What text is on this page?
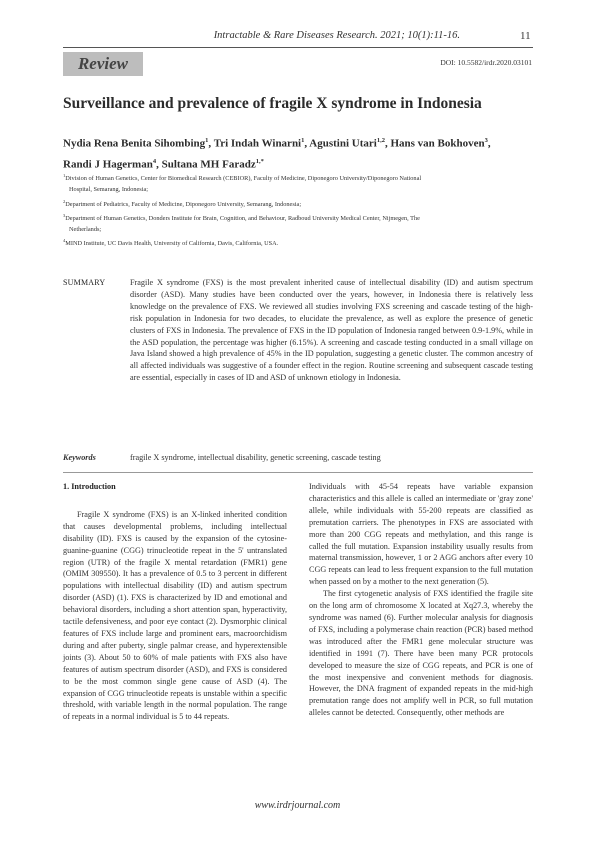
Intractable & Rare Diseases Research. 2021; 10(1):11-16.	11
Review	DOI: 10.5582/irdr.2020.03101
Surveillance and prevalence of fragile X syndrome in Indonesia
Nydia Rena Benita Sihombing$^1$, Tri Indah Winarni$^1$, Agustini Utari$^{1,2}$, Hans van Bokhoven$^3$,
Randi J Hagerman$^4$, Sultana MH Faradz$^{1,*}$
$^1$Division of Human Genetics, Center for Biomedical Research (CEBIOR), Faculty of Medicine, Diponegoro University/Diponegoro National
Hospital, Semarang, Indonesia;
$^2$Department of Pediatrics, Faculty of Medicine, Diponegoro University, Semarang, Indonesia;
$^3$Department of Human Genetics, Donders Institute for Brain, Cognition, and Behaviour, Radboud University Medical Center, Nijmegen, The
Netherlands;
$^4$MIND Institute, UC Davis Health, University of California, Davis, California, USA.
SUMMARY	Fragile X syndrome (FXS) is the most prevalent inherited cause of intellectual disability (ID) and autism spectrum disorder (ASD). Many studies have been conducted over the years, however, in Indonesia there is relatively less knowledge on the prevalence of FXS. We reviewed all studies involving FXS screening and cascade testing of the high-risk population in Indonesia for two decades, to elucidate the prevalence, as well as explore the presence of genetic clusters of FXS in Indonesia. The prevalence of FXS in the ID population of Indonesia ranged between 0.9-1.9%, while in the ASD population, the percentage was higher (6.15%). A screening and cascade testing conducted in a small village on Java Island showed a high prevalence of 45% in the ID population, suggesting a genetic cluster. The common ancestry of all affected individuals was suggestive of a founder effect in the region. Routine screening and subsequent cascade testing are essential, especially in cases of ID and ASD of unknown etiology in Indonesia.
Keywords	fragile X syndrome, intellectual disability, genetic screening, cascade testing
1. Introduction

Fragile X syndrome (FXS) is an X-linked inherited condition that causes developmental problems, including intellectual disability (ID). FXS is caused by the expansion of the cytosine-guanine-guanine (CGG) trinucleotide repeat in the 5' untranslated region (UTR) of the fragile X mental retardation (FMR1) gene (OMIM 309550). It has a prevalence of 0.5 to 3 percent in different populations with intellectual disability (ID) and autism spectrum disorder (ASD) (1). FXS is characterized by ID and emotional and behavioral disorders, including a short attention span, hyperactivity, tactile defensiveness, and poor eye contact (2). Dysmorphic clinical features of FXS include large and prominent ears, macroorchidism during and after puberty, single palmar crease, and hyperextensible joints (3). About 50 to 60% of male patients with FXS also have features of autism spectrum disorder (ASD), and FXS is considered to be the most common single gene cause of ASD (4). The expansion of CGG trinucleotide repeats is unstable within a specific threshold, with variable length in the normal population. The range of repeats in a normal individual is 5 to 44 repeats.

Individuals with 45-54 repeats have variable expansion characteristics and this allele is called an intermediate or 'gray zone' allele, while individuals with 55-200 repeats are classified as premutation carriers. The phenotypes in FXS are associated with more than 200 CGG repeats and methylation, and this range is called the full mutation. Expansion instability usually results from maternal transmission, however, 1 or 2 AGG anchors after every 10 CGG repeats can lead to less frequent expansion to the full mutation when passed on by a mother to the next generation (5).

The first cytogenetic analysis of FXS identified the fragile site on the long arm of chromosome X located at Xq27.3, whereby the syndrome was named (6). Further molecular analysis for diagnosis of FXS, including a polymerase chain reaction (PCR) based method was introduced after the FMR1 gene molecular structure was identified in 1991 (7). There have been many PCR protocols developed to measure the size of CGG repeats, and PCR is one of the most inexpensive and convenient methods for diagnosis. However, the DNA fragment of expanded repeats in the mid-high premutation range does not amplify well in PCR, so full mutation alleles cannot be detected. Consequently, other methods are

www.irdrjournal.com
